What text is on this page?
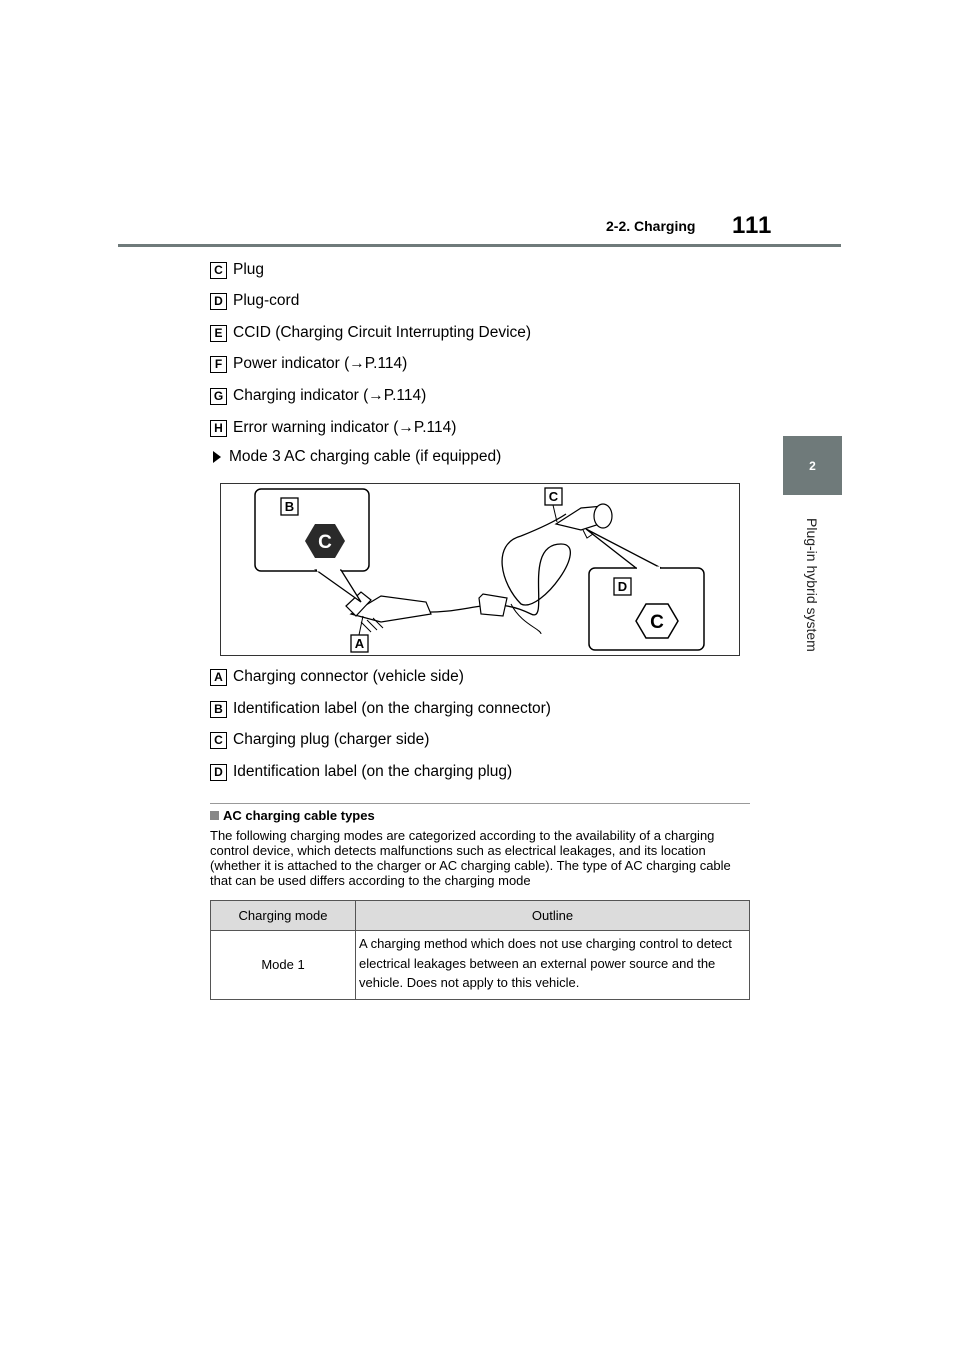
2-2. Charging 111
2
Plug-in hybrid system
C Plug
D Plug-cord
E CCID (Charging Circuit Interrupting Device)
F Power indicator (→P.114)
G Charging indicator (→P.114)
H Error warning indicator (→P.114)
Mode 3 AC charging cable (if equipped)
B
C
D
A
C
C
A Charging connector (vehicle side)
B Identification label (on the charging connector)
C Charging plug (charger side)
D Identification label (on the charging plug)
AC charging cable types
The following charging modes are categorized according to the availability of a charging control device, which detects malfunctions such as electrical leakages, and its location (whether it is attached to the charger or AC charging cable). The type of AC charging cable that can be used differs according to the charging mode
Charging mode	Outline
Mode 1	A charging method which does not use charging control to detect electrical leakages between an external power source and the vehicle. Does not apply to this vehicle.
